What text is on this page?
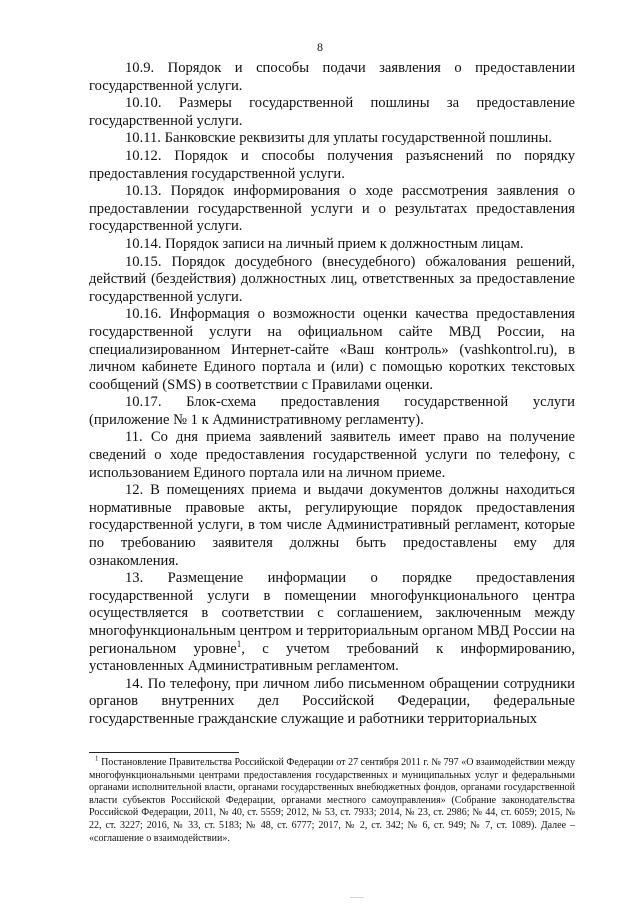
8

10.9. Порядок и способы подачи заявления о предоставлении государственной услуги.

10.10. Размеры государственной пошлины за предоставление государственной услуги.

10.11. Банковские реквизиты для уплаты государственной пошлины.

10.12. Порядок и способы получения разъяснений по порядку предоставления государственной услуги.

10.13. Порядок информирования о ходе рассмотрения заявления о предоставлении государственной услуги и о результатах предоставления государственной услуги.

10.14. Порядок записи на личный прием к должностным лицам.

10.15. Порядок досудебного (внесудебного) обжалования решений, действий (бездействия) должностных лиц, ответственных за предоставление государственной услуги.

10.16. Информация о возможности оценки качества предоставления государственной услуги на официальном сайте МВД России, на специализированном Интернет-сайте «Ваш контроль» (vashkontrol.ru), в личном кабинете Единого портала и (или) с помощью коротких текстовых сообщений (SMS) в соответствии с Правилами оценки.

10.17. Блок-схема предоставления государственной услуги (приложение № 1 к Административному регламенту).

11. Со дня приема заявлений заявитель имеет право на получение сведений о ходе предоставления государственной услуги по телефону, с использованием Единого портала или на личном приеме.

12. В помещениях приема и выдачи документов должны находиться нормативные правовые акты, регулирующие порядок предоставления государственной услуги, в том числе Административный регламент, которые по требованию заявителя должны быть предоставлены ему для ознакомления.

13. Размещение информации о порядке предоставления государственной услуги в помещении многофункционального центра осуществляется в соответствии с соглашением, заключенным между многофункциональным центром и территориальным органом МВД России на региональном уровне$^1$, с учетом требований к информированию, установленных Административным регламентом.

14. По телефону, при личном либо письменном обращении сотрудники органов внутренних дел Российской Федерации, федеральные государственные гражданские служащие и работники территориальных

$^1$ Постановление Правительства Российской Федерации от 27 сентября 2011 г. № 797 «О взаимодействии между многофункциональными центрами предоставления государственных и муниципальных услуг и федеральными органами исполнительной власти, органами государственных внебюджетных фондов, органами государственной власти субъектов Российской Федерации, органами местного самоуправления» (Собрание законодательства Российской Федерации, 2011, № 40, ст. 5559; 2012, № 53, ст. 7933; 2014, № 23, ст. 2986; № 44, ст. 6059; 2015, № 22, ст. 3227; 2016, № 33, ст. 5183; № 48, ст. 6777; 2017, № 2, ст. 342; № 6, ст. 949; № 7, ст. 1089). Далее – «соглашение о взаимодействии».
